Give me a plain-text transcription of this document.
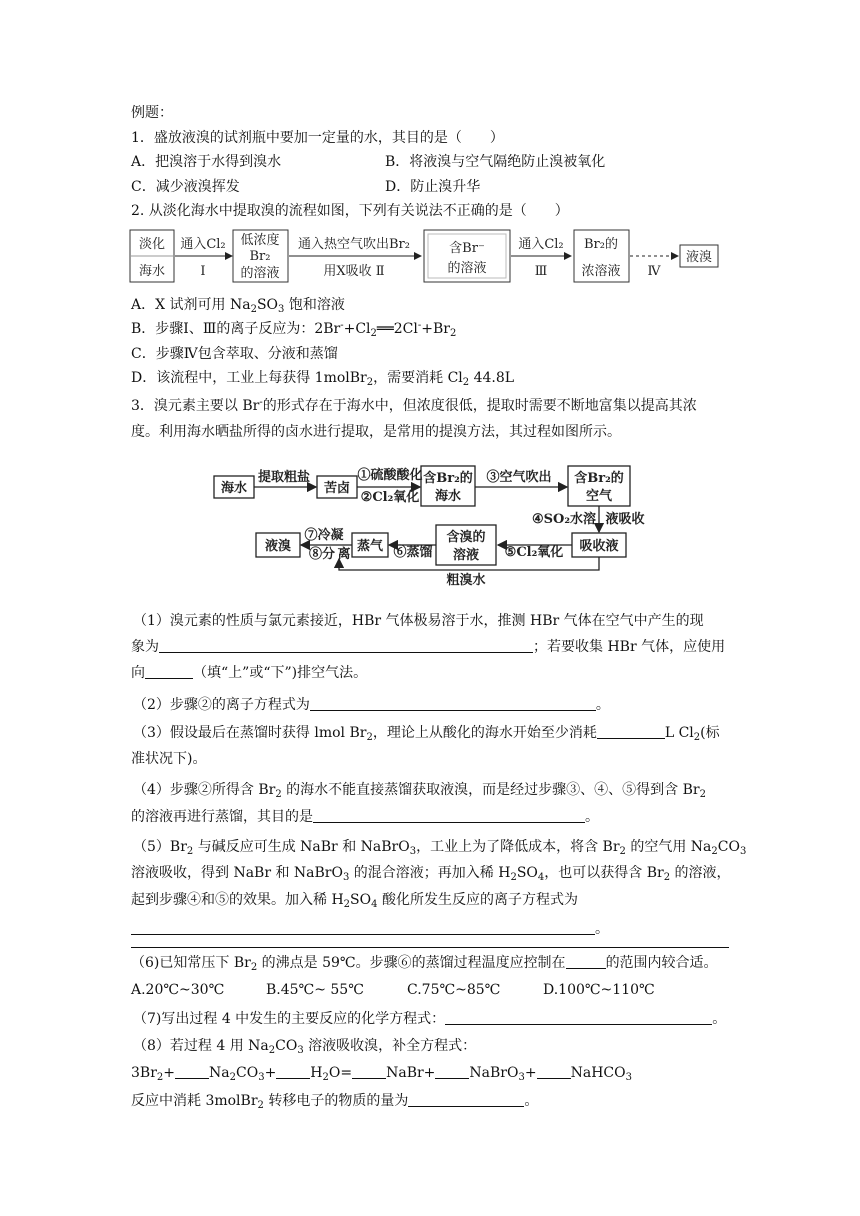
例题：
1．盛放液溴的试剂瓶中要加一定量的水，其目的是（　　）
A．把溴溶于水得到溴水	B．将液溴与空气隔绝防止溴被氧化
C．减少液溴挥发	D．防止溴升华
2. 从淡化海水中提取溴的流程如图，下列有关说法不正确的是（　　）
淡化
海水
通入Cl₂
Ⅰ
低浓度
Br₂
的溶液
通入热空气吹出Br₂
用X吸收 Ⅱ
含Br⁻
的溶液
通入Cl₂
Ⅲ
Br₂的
浓溶液 Ⅳ
液溴
A．X 试剂可用 $Na_2SO_3$ 饱和溶液
B．步骤Ⅰ、Ⅲ的离子反应为：$2Br^-+Cl_2══2Cl^-+Br_2$
C．步骤Ⅳ包含萃取、分液和蒸馏
D．该流程中，工业上每获得 1molBr$_2$，需要消耗 $Cl_2$ 44.8L
3．溴元素主要以 Br-的形式存在于海水中，但浓度很低，提取时需要不断地富集以提高其浓
度。利用海水晒盐所得的卤水进行提取，是常用的提溴方法，其过程如图所示。
海水
提取粗盐
苦卤
①硫酸酸化
②Cl₂氧化
含Br₂的
海水
③空气吹出 含Br₂的
空气
④SO₂水溶 液吸收
吸收液
⑤Cl₂氧化
含溴的
溶液
⑥蒸馏
蒸气
⑦冷凝
⑧分 离
液溴
粗溴水
（1）溴元素的性质与氯元素接近，HBr 气体极易溶于水，推测 HBr 气体在空气中产生的现
象为	；若要收集 HBr 气体，应使用
向	（填“上”或“下”)排空气法。
（2）步骤②的离子方程式为	。
（3）假设最后在蒸馏时获得 lmol $Br_2$，理论上从酸化的海水开始至少消耗	L $Cl_2$(标
准状况下)。
（4）步骤②所得含 $Br_2$ 的海水不能直接蒸馏获取液溴，而是经过步骤③、④、⑤得到含 $Br_2$
的溶液再进行蒸馏，其目的是	。
$(5)Br_2$ 与碱反应可生成 NaBr 和 NaBrO$_3$，工业上为了降低成本，将含 $Br_2$ 的空气用 $Na_2CO_3$
溶液吸收，得到 NaBr 和 NaBrO$_3$ 的混合溶液；再加入稀 $H_2SO_4$，也可以获得含 $Br_2$ 的溶液，
起到步骤④和⑤的效果。加入稀 $H_2SO_4$ 酸化所发生反应的离子方程式为
。
（6)已知常压下 $Br_2$ 的沸点是 59℃。步骤⑥的蒸馏过程温度应控制在	的范围内较合适。
A.20℃~30℃	B.45℃~ 55℃	C.75℃~85℃	D.100℃~110℃
（7)写出过程 4 中发生的主要反应的化学方程式：	。
（8）若过程 4 用 $Na_2CO_3$ 溶液吸收溴，补全方程式：
$3Br_2+ Na_2CO_3+ H_2O=$ NaBr+ NaBrO$_3$+ NaHCO$_3$
反应中消耗 3molBr$_2$ 转移电子的物质的量为	。
